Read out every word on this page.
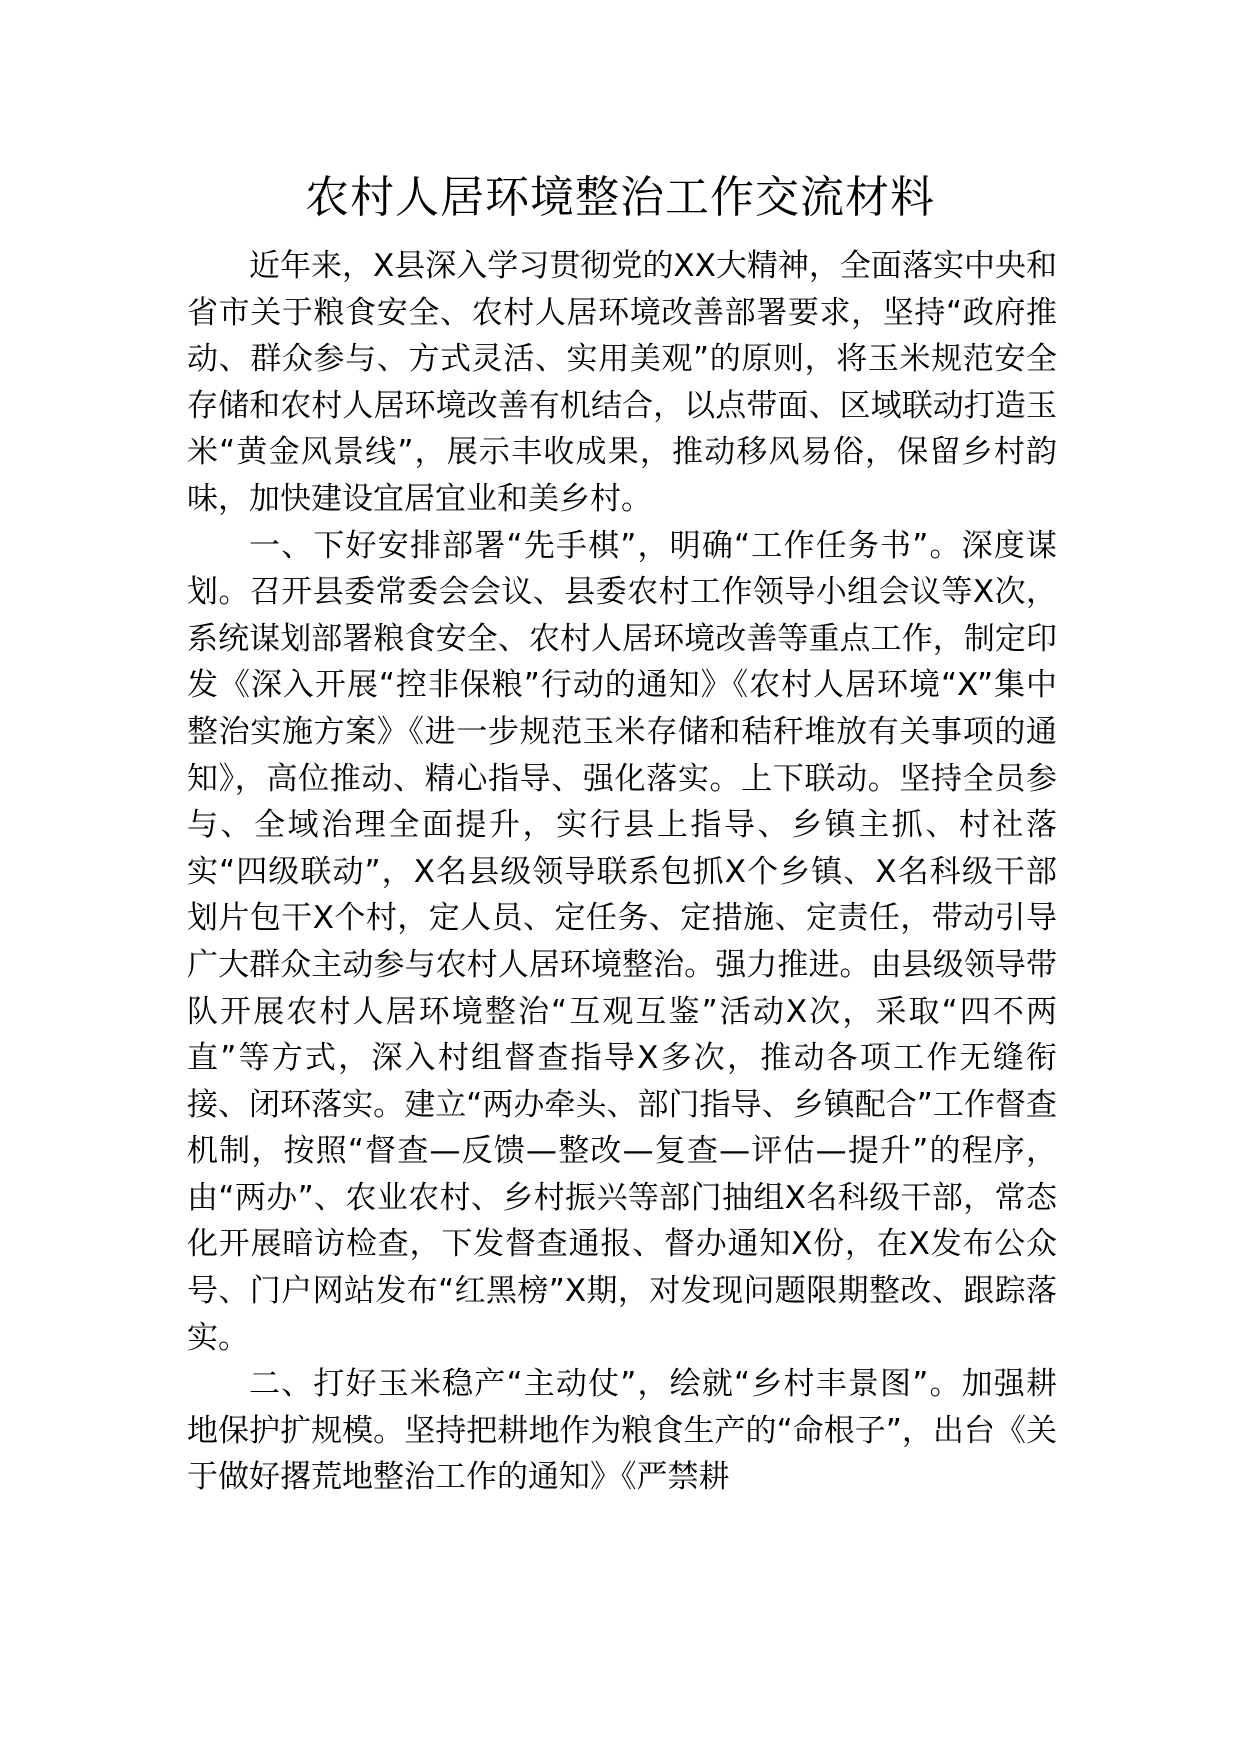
农村人居环境整治工作交流材料

近年来，X县深入学习贯彻党的XX大精神，全面落实中央和省市关于粮食安全、农村人居环境改善部署要求，坚持“政府推动、群众参与、方式灵活、实用美观”的原则，将玉米规范安全存储和农村人居环境改善有机结合，以点带面、区域联动打造玉米“黄金风景线”，展示丰收成果，推动移风易俗，保留乡村韵味，加快建设宜居宜业和美乡村。

一、下好安排部署“先手棋”，明确“工作任务书”。深度谋划。召开县委常委会会议、县委农村工作领导小组会议等X次，系统谋划部署粮食安全、农村人居环境改善等重点工作，制定印发《深入开展“控非保粮”行动的通知》《农村人居环境“X”集中整治实施方案》《进一步规范玉米存储和秸秆堆放有关事项的通知》，高位推动、精心指导、强化落实。上下联动。坚持全员参与、全域治理全面提升，实行县上指导、乡镇主抓、村社落实“四级联动”，X名县级领导联系包抓X个乡镇、X名科级干部划片包干X个村，定人员、定任务、定措施、定责任，带动引导广大群众主动参与农村人居环境整治。强力推进。由县级领导带队开展农村人居环境整治“互观互鉴”活动X次，采取“四不两直”等方式，深入村组督查指导X多次，推动各项工作无缝衔接、闭环落实。建立“两办牵头、部门指导、乡镇配合”工作督查机制，按照“督查—反馈—整改—复查—评估—提升”的程序，由“两办”、农业农村、乡村振兴等部门抽组X名科级干部，常态化开展暗访检查，下发督查通报、督办通知X份，在X发布公众号、门户网站发布“红黑榜”X期，对发现问题限期整改、跟踪落实。

二、打好玉米稳产“主动仗”，绘就“乡村丰景图”。加强耕地保护扩规模。坚持把耕地作为粮食生产的“命根子”，出台《关于做好撂荒地整治工作的通知》《严禁耕
